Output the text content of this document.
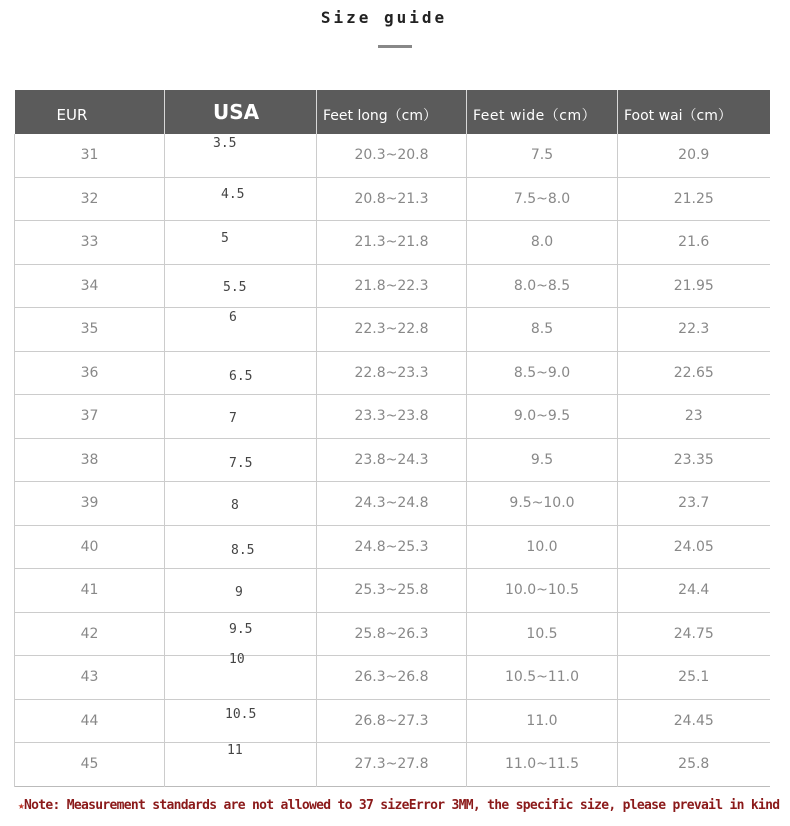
Size guide
EUR	USA	Feet long（cm）	Feet wide（cm）	Foot wai（cm）

31	3.5	20.3~20.8	7.5	20.9
32	4.5	20.8~21.3	7.5~8.0	21.25
33	5	21.3~21.8	8.0	21.6
34	5.5	21.8~22.3	8.0~8.5	21.95
35	6	22.3~22.8	8.5	22.3
36	6.5	22.8~23.3	8.5~9.0	22.65
37	7	23.3~23.8	9.0~9.5	23
38	7.5	23.8~24.3	9.5	23.35
39	8	24.3~24.8	9.5~10.0	23.7
40	8.5	24.8~25.3	10.0	24.05
41	9	25.3~25.8	10.0~10.5	24.4
42	9.5	25.8~26.3	10.5	24.75
43	10	26.3~26.8	10.5~11.0	25.1
44	10.5	26.8~27.3	11.0	24.45
45	11	27.3~27.8	11.0~11.5	25.8
★Note: Measurement standards are not allowed to 37 sizeError 3MM, the specific size, please prevail in kind
